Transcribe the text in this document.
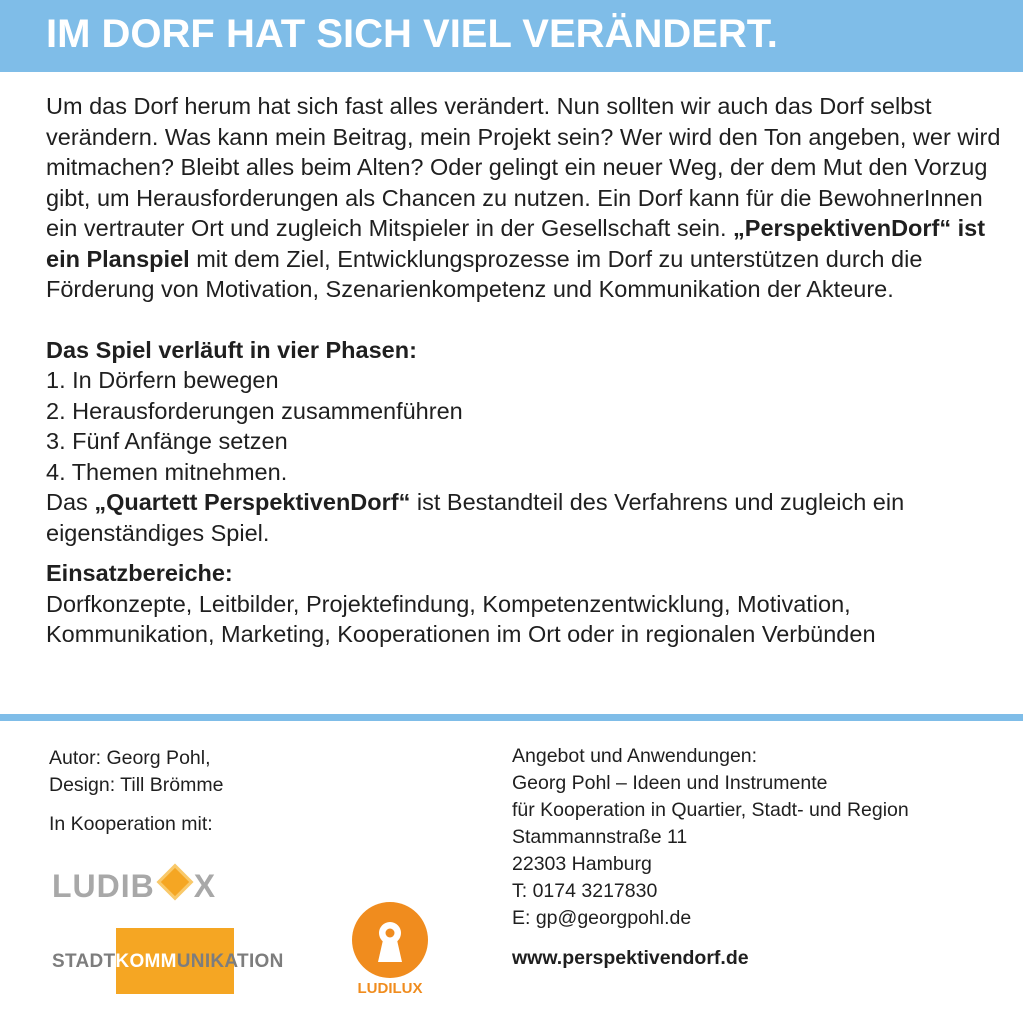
IM DORF HAT SICH VIEL VERÄNDERT.

Um das Dorf herum hat sich fast alles verändert. Nun sollten wir auch das Dorf selbst verändern. Was kann mein Beitrag, mein Projekt sein? Wer wird den Ton angeben, wer wird mitmachen? Bleibt alles beim Alten? Oder gelingt ein neuer Weg, der dem Mut den Vorzug gibt, um Herausforderungen als Chancen zu nutzen. Ein Dorf kann für die BewohnerInnen ein vertrauter Ort und zugleich Mitspieler in der Gesellschaft sein. „PerspektivenDorf“ ist ein Planspiel mit dem Ziel, Entwicklungsprozesse im Dorf zu unterstützen durch die Förderung von Motivation, Szenarienkompetenz und Kommunikation der Akteure.

Das Spiel verläuft in vier Phasen:

1. In Dörfern bewegen

2. Herausforderungen zusammenführen

3. Fünf Anfänge setzen

4. Themen mitnehmen.

Das „Quartett PerspektivenDorf“ ist Bestandteil des Verfahrens und zugleich ein eigenständiges Spiel.

Einsatzbereiche:

Dorfkonzepte, Leitbilder, Projektefindung, Kompetenzentwicklung, Motivation, Kommunikation, Marketing, Kooperationen im Ort oder in regionalen Verbünden

Autor: Georg Pohl,
Design: Till Brömme
In Kooperation mit:
LUDIB X
STADTKOMMUNIKATION
LUDILUX
Angebot und Anwendungen:
Georg Pohl – Ideen und Instrumente
für Kooperation in Quartier, Stadt- und Region
Stammannstraße 11
22303 Hamburg
T: 0174 3217830
E: gp@georgpohl.de
www.perspektivendorf.de
